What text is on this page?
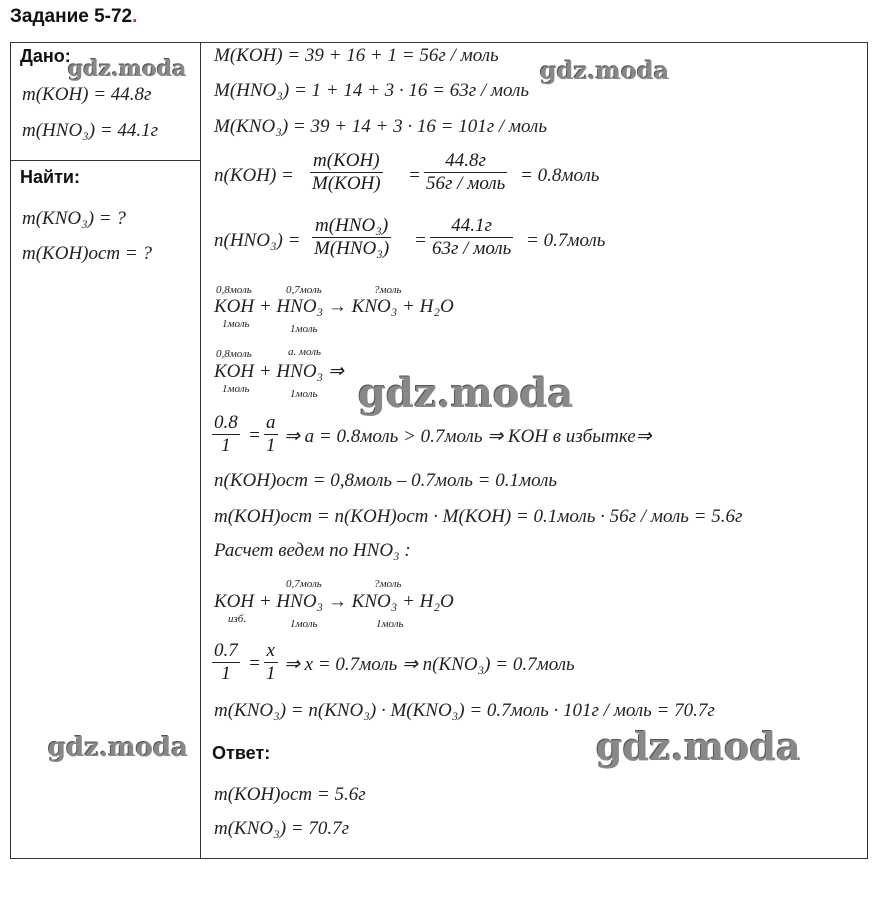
Задание 5-72.
Дано:
m(KOH) = 44.8г
m(HNO₃) = 44.1г
Найти:
m(KNO₃) = ?
m(KOH)ост = ?
M(KOH) = 39 + 16 + 1 = 56г / моль
M(HNO₃) = 1 + 14 + 3 · 16 = 63г / моль
M(KNO₃) = 39 + 14 + 3 · 16 = 101г / моль
n(KOH) =
m(KOH)
M(KOH) =
44.8г
56г / моль = 0.8моль
n(HNO₃) =
m(HNO₃)
M(HNO₃) =
44.1г
63г / моль = 0.7моль
0,8моль	0,7моль	?моль
KOH + HNO₃ → KNO₃ + H₂O
1моль	1моль
0,8моль	a. моль
KOH + HNO₃ ⇒
1моль	1моль
$\frac{0.8}{1} = \frac{a}{1}$ ⇒ a = 0.8моль > 0.7моль ⇒ KOH в избытке⇒
n(KOH)ост = 0,8моль – 0.7моль = 0.1моль
m(KOH)ост = n(KOH)ост · M(KOH) = 0.1моль · 56г / моль = 5.6г
Расчет ведем по HNO₃ :
0,7моль	?моль
KOH + HNO₃ → KNO₃ + H₂O
изб.	1моль	1моль
$\frac{0.7}{1} = \frac{x}{1}$ ⇒ x = 0.7моль ⇒ n(KNO₃) = 0.7моль
m(KNO₃) = n(KNO₃) · M(KNO₃) = 0.7моль · 101г / моль = 70.7г
Ответ:
m(KOH)ост = 5.6г
m(KNO₃) = 70.7г
gdz.moda	gdz.moda
gdz.moda
gdz.moda	gdz.moda
